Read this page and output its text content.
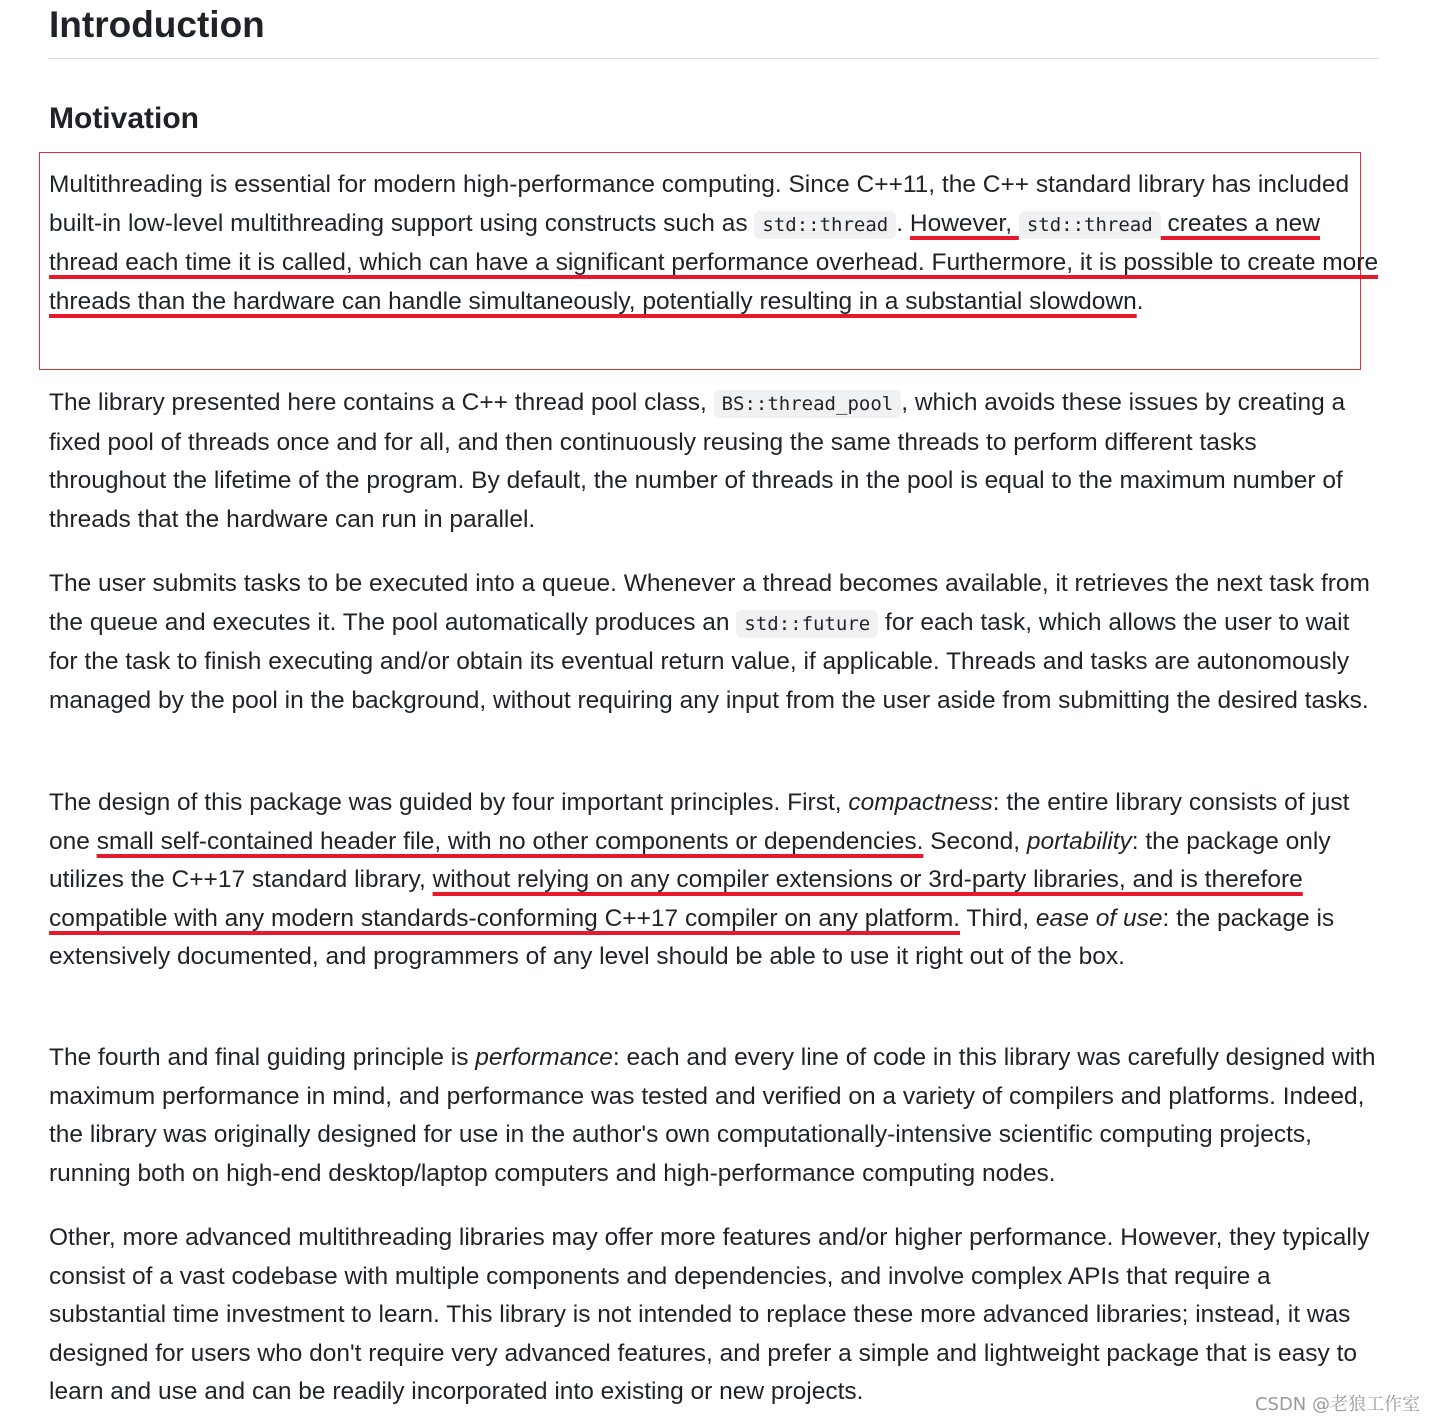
Introduction
Motivation

Multithreading is essential for modern high-performance computing. Since C++11, the C++ standard library has included built-in low-level multithreading support using constructs such as std::thread . However, std::thread creates a new thread each time it is called, which can have a significant performance overhead. Furthermore, it is possible to create more threads than the hardware can handle simultaneously, potentially resulting in a substantial slowdown.

The library presented here contains a C++ thread pool class, BS::thread_pool , which avoids these issues by creating a fixed pool of threads once and for all, and then continuously reusing the same threads to perform different tasks throughout the lifetime of the program. By default, the number of threads in the pool is equal to the maximum number of threads that the hardware can run in parallel.

The user submits tasks to be executed into a queue. Whenever a thread becomes available, it retrieves the next task from the queue and executes it. The pool automatically produces an std::future for each task, which allows the user to wait for the task to finish executing and/or obtain its eventual return value, if applicable. Threads and tasks are autonomously managed by the pool in the background, without requiring any input from the user aside from submitting the desired tasks.

The design of this package was guided by four important principles. First, compactness: the entire library consists of just one small self-contained header file, with no other components or dependencies. Second, portability: the package only utilizes the C++17 standard library, without relying on any compiler extensions or 3rd-party libraries, and is therefore compatible with any modern standards-conforming C++17 compiler on any platform. Third, ease of use: the package is extensively documented, and programmers of any level should be able to use it right out of the box.

The fourth and final guiding principle is performance: each and every line of code in this library was carefully designed with maximum performance in mind, and performance was tested and verified on a variety of compilers and platforms. Indeed, the library was originally designed for use in the author's own computationally-intensive scientific computing projects, running both on high-end desktop/laptop computers and high-performance computing nodes.

Other, more advanced multithreading libraries may offer more features and/or higher performance. However, they typically consist of a vast codebase with multiple components and dependencies, and involve complex APIs that require a substantial time investment to learn. This library is not intended to replace these more advanced libraries; instead, it was designed for users who don't require very advanced features, and prefer a simple and lightweight package that is easy to learn and use and can be readily incorporated into existing or new projects.	CSDN @老狼工作室
